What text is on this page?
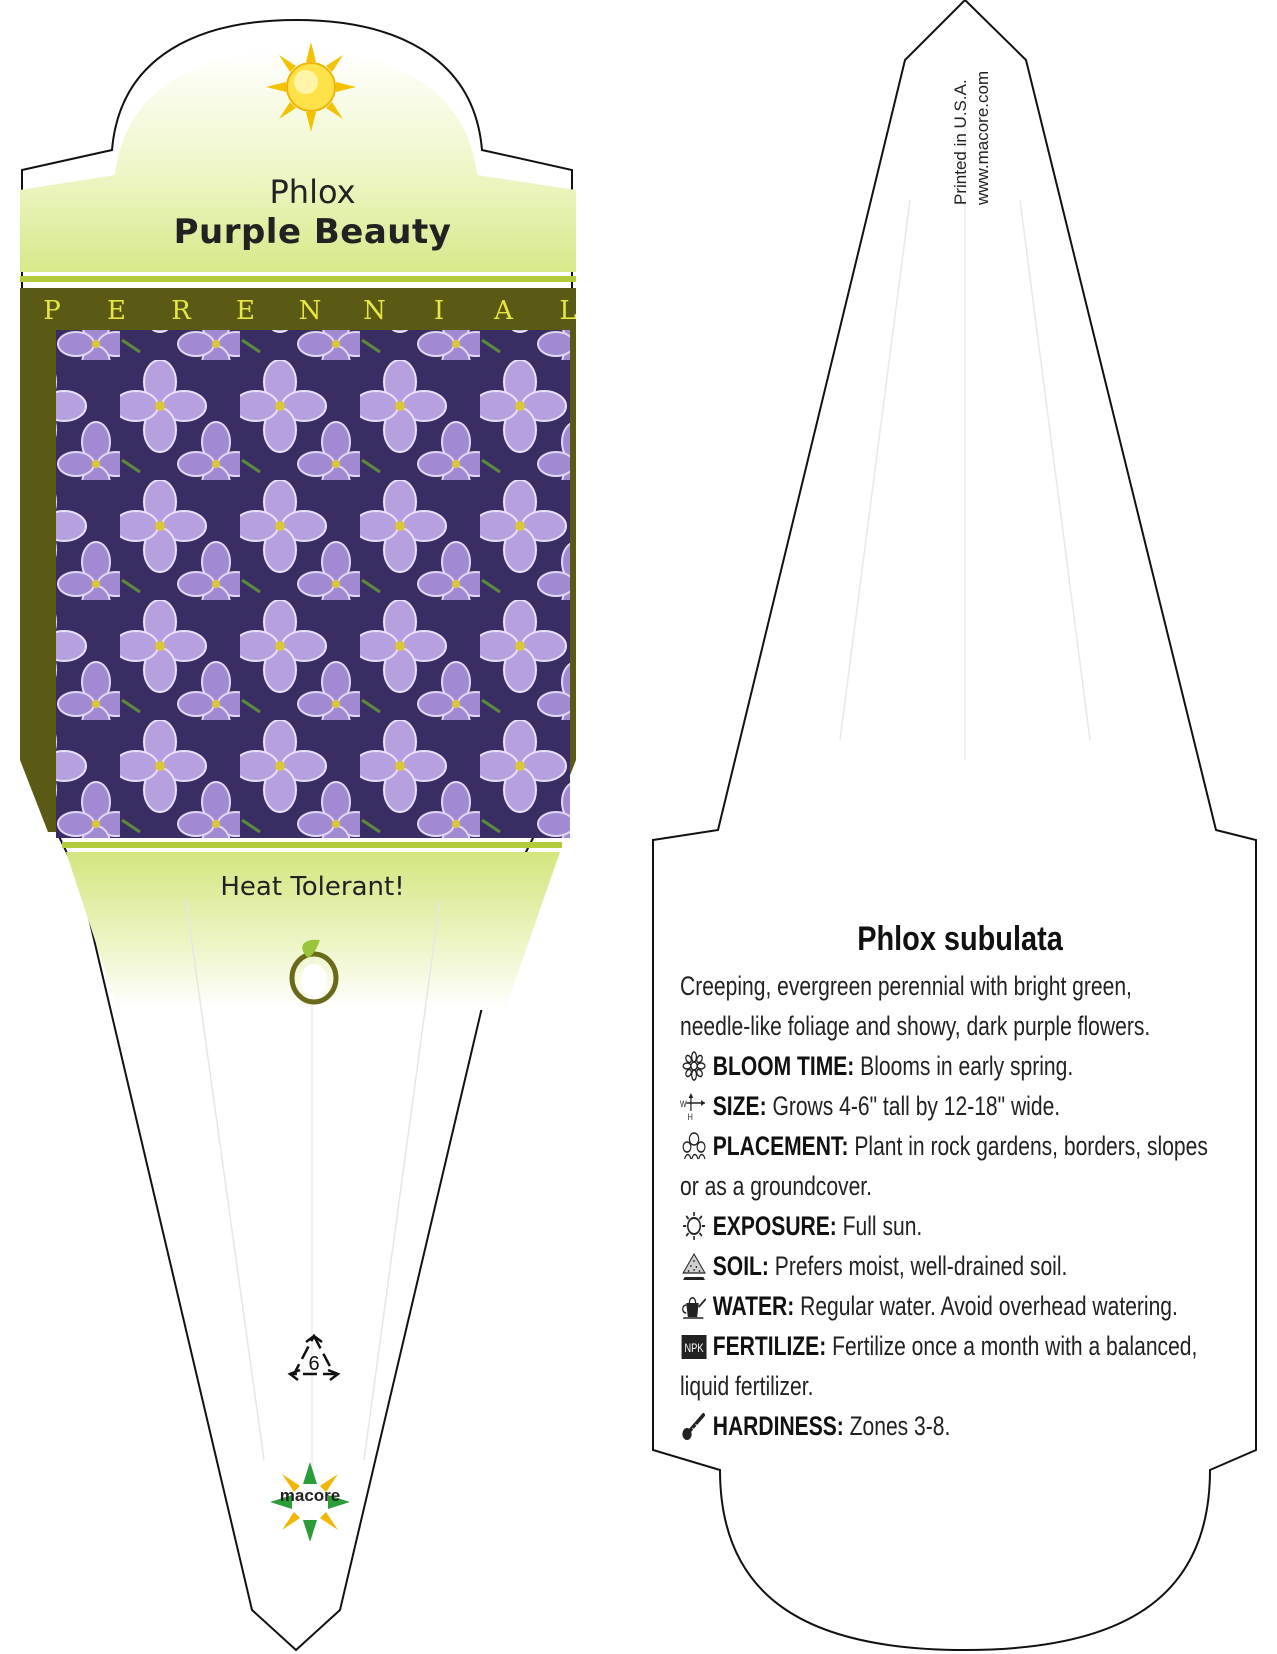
Phlox
Purple Beauty
P E R E N N I A L
Heat Tolerant!
6
macore
Printed in U.S.A. www.macore.com
Phlox subulata
Creeping, evergreen perennial with bright green,
needle-like foliage and showy, dark purple flowers.
BLOOM TIME: Blooms in early spring.
W
H SIZE: Grows 4-6" tall by 12-18" wide.
PLACEMENT: Plant in rock gardens, borders, slopes
or as a groundcover.
EXPOSURE: Full sun.
SOIL: Prefers moist, well-drained soil.
WATER: Regular water. Avoid overhead watering.
NPK FERTILIZE: Fertilize once a month with a balanced,
liquid fertilizer.
HARDINESS: Zones 3-8.
